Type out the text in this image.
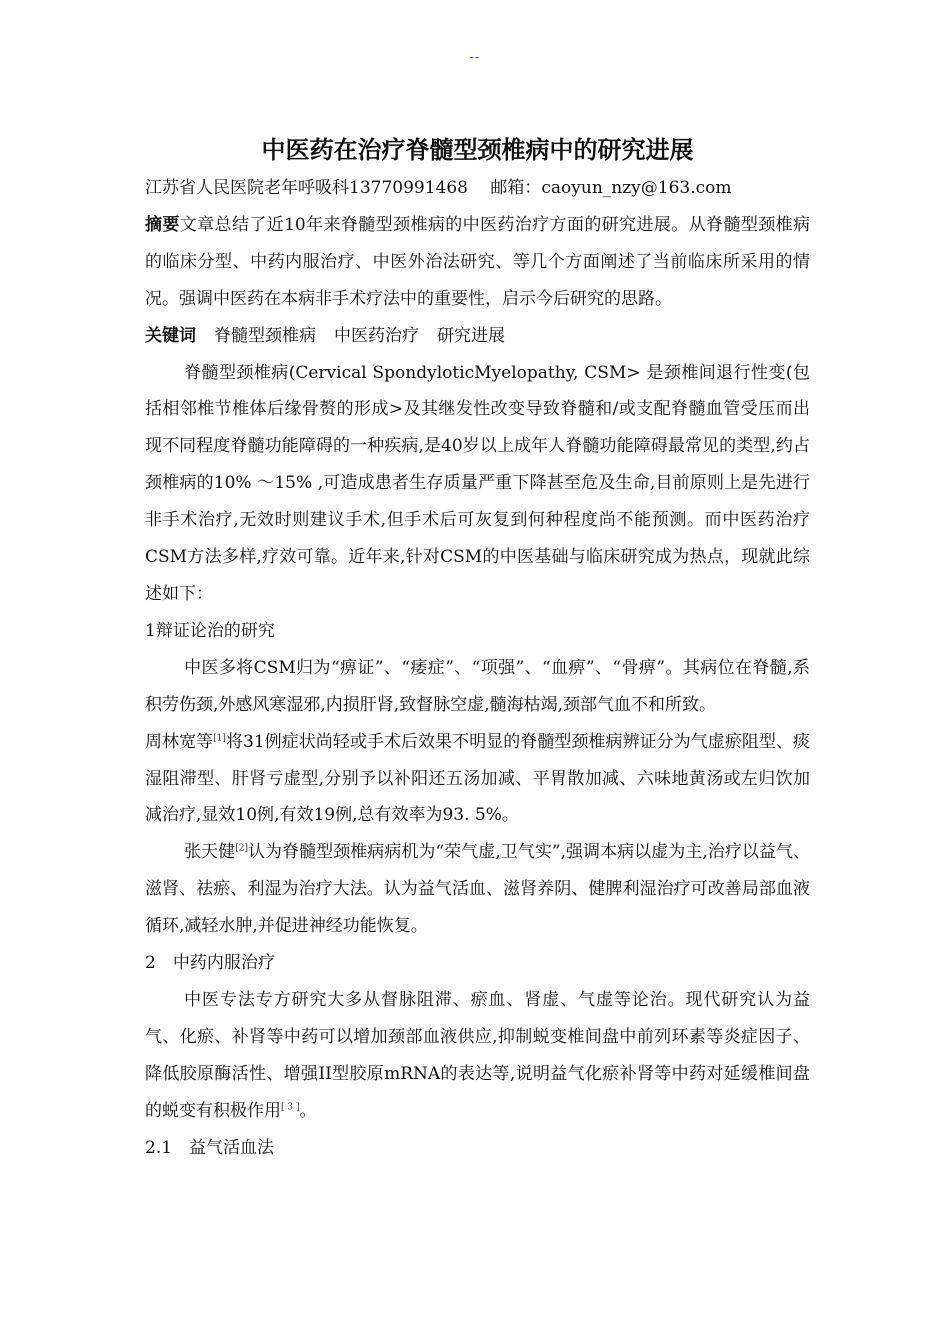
--
中医药在治疗脊髓型颈椎病中的研究进展

江苏省人民医院老年呼吸科13770991468　 邮箱：caoyun_nzy@163.com

摘要文章总结了近10年来脊髓型颈椎病的中医药治疗方面的研究进展。从脊髓型颈椎病的临床分型、中药内服治疗、中医外治法研究、等几个方面阐述了当前临床所采用的情况。强调中医药在本病非手术疗法中的重要性，启示今后研究的思路。

关键词 脊髓型颈椎病 中医药治疗 研究进展

脊髓型颈椎病(Cervical SpondyloticMyelopathy, CSM> 是颈椎间退行性变(包括相邻椎节椎体后缘骨赘的形成>及其继发性改变导致脊髓和/或支配脊髓血管受压而出现不同程度脊髓功能障碍的一种疾病,是40岁以上成年人脊髓功能障碍最常见的类型,约占颈椎病的10% ～15% ,可造成患者生存质量严重下降甚至危及生命,目前原则上是先进行非手术治疗,无效时则建议手术,但手术后可灰复到何种程度尚不能预测。而中医药治疗CSM方法多样,疗效可靠。近年来,针对CSM的中医基础与临床研究成为热点，现就此综述如下：

1辩证论治的研究

中医多将CSM归为“痹证”、“痿症”、“项强”、“血痹”、“骨痹”。其病位在脊髓,系积劳伤颈,外感风寒湿邪,内损肝肾,致督脉空虚,髓海枯竭,颈部气血不和所致。

周林宽等[1]将31例症状尚轻或手术后效果不明显的脊髓型颈椎病辨证分为气虚瘀阻型、痰湿阻滞型、肝肾亏虚型,分别予以补阳还五汤加减、平胃散加减、六味地黄汤或左归饮加减治疗,显效10例,有效19例,总有效率为93. 5%。

张天健[2]认为脊髓型颈椎病病机为“荣气虚,卫气实”,强调本病以虚为主,治疗以益气、滋肾、祛瘀、利湿为治疗大法。认为益气活血、滋肾养阴、健脾利湿治疗可改善局部血液循环,减轻水肿,并促进神经功能恢复。

2　中药内服治疗

中医专法专方研究大多从督脉阻滞、瘀血、肾虚、气虚等论治。现代研究认为益气、化瘀、补肾等中药可以增加颈部血液供应,抑制蜕变椎间盘中前列环素等炎症因子、降低胶原酶活性、增强II型胶原mRNA的表达等,说明益气化瘀补肾等中药对延缓椎间盘的蜕变有积极作用[ 3 ]。

2.1　益气活血法
